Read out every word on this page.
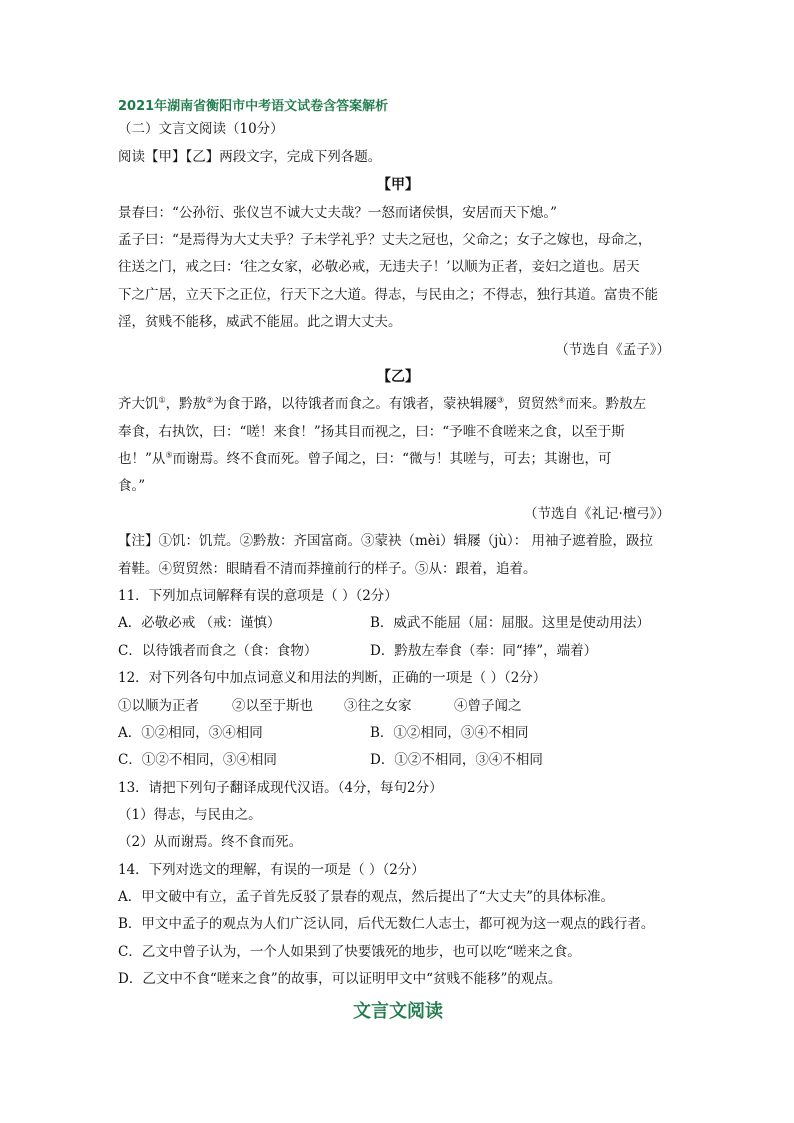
2021年湖南省衡阳市中考语文试卷含答案解析
（二）文言文阅读（10分）
阅读【甲】【乙】两段文字，完成下列各题。
【甲】
景春曰：“公孙衍、张仪岂不诚大丈夫哉？一怒而诸侯惧，安居而天下熄。”
孟子曰：“是焉得为大丈夫乎？子未学礼乎？丈夫之冠也，父命之；女子之嫁也，母命之，
往送之门，戒之曰：‘往之女家，必敬必戒，无违夫子！’以顺为正者，妾妇之道也。居天
下之广居，立天下之正位，行天下之大道。得志，与民由之；不得志，独行其道。富贵不能
淫，贫贱不能移，威武不能屈。此之谓大丈夫。
（节选自《孟子》）
【乙】
齐大饥①，黔敖②为食于路，以待饿者而食之。有饿者，蒙袂辑屦③，贸贸然④而来。黔敖左
奉食，右执饮，曰：“嗟！来食！”扬其目而视之，曰：“予唯不食嗟来之食，以至于斯
也！”从⑤而谢焉。终不食而死。曾子闻之，曰：“微与！其嗟与，可去；其谢也，可
食。”
（节选自《礼记·檀弓》）
【注】①饥：饥荒。②黔敖：齐国富商。③蒙袂（mèi）辑屦（jù）： 用袖子遮着脸，趿拉
着鞋。④贸贸然：眼睛看不清而莽撞前行的样子。⑤从：跟着，追着。
11．下列加点词解释有误的意项是（ ）（2分）
A．必敬必戒 （戒：谨慎）	B．威武不能屈（屈：屈服。这里是使动用法）
C．以待饿者而食之（食：食物）	D．黔敖左奉食（奉：同“捧”，端着）
12．对下列各句中加点词意义和用法的判断，正确的一项是（ ）（2分）
①以顺为正者 ②以至于斯也 ③往之女家	④曾子闻之
A．①②相同，③④相同	B．①②相同，③④不相同
C．①②不相同，③④相同	D．①②不相同，③④不相同
13．请把下列句子翻译成现代汉语。（4分，每句2分）
（1）得志，与民由之。
（2）从而谢焉。终不食而死。
14．下列对选文的理解，有误的一项是（ ）（2分）
A．甲文破中有立，孟子首先反驳了景春的观点，然后提出了“大丈夫”的具体标准。
B．甲文中孟子的观点为人们广泛认同，后代无数仁人志士，都可视为这一观点的践行者。
C．乙文中曾子认为，一个人如果到了快要饿死的地步，也可以吃“嗟来之食。
D．乙文中不食“嗟来之食”的故事，可以证明甲文中“贫贱不能移”的观点。
文言文阅读
